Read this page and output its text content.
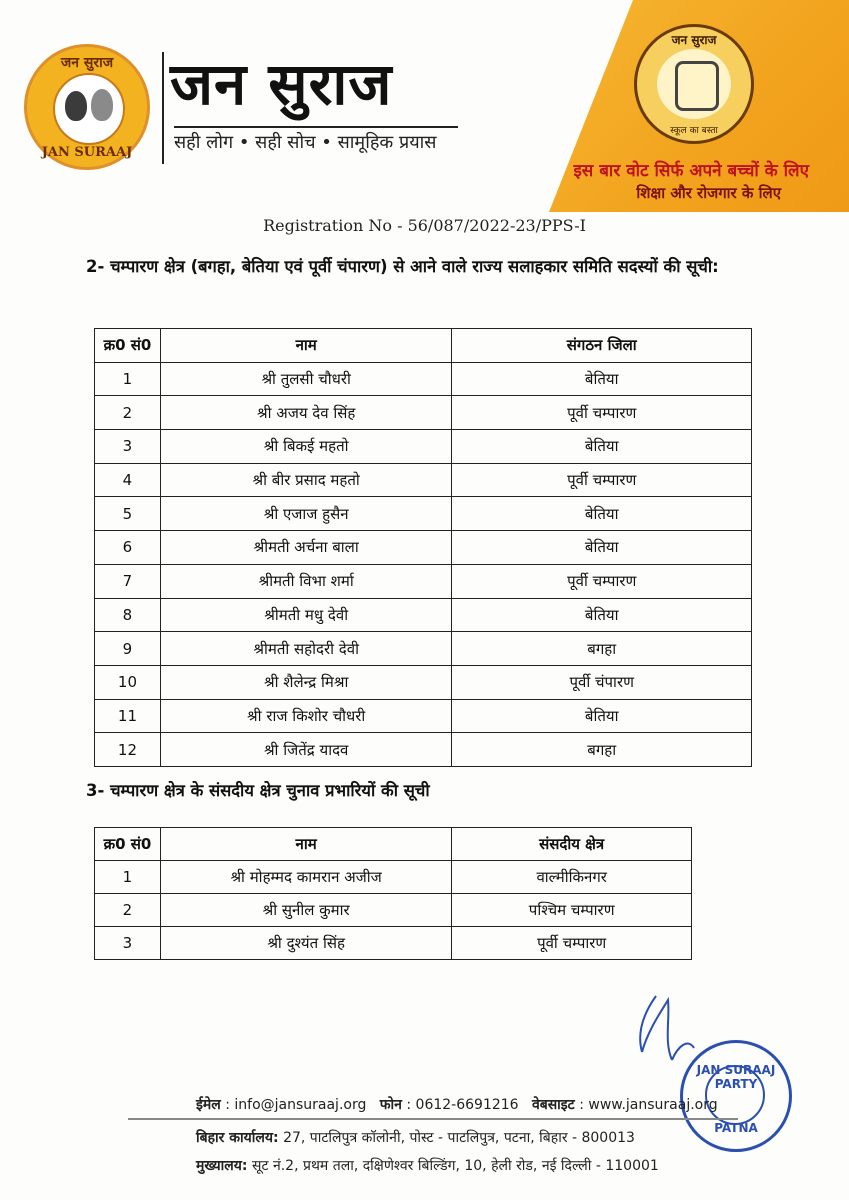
जन सुराज
JAN SURAAJ
जन सुराज
सही लोग • सही सोच • सामूहिक प्रयास
जन सुराज
स्कूल का बस्ता
इस बार वोट सिर्फ अपने बच्चों के लिए
शिक्षा और रोजगार के लिए
Registration No - 56/087/2022-23/PPS-I
2- चम्पारण क्षेत्र (बगहा, बेतिया एवं पूर्वी चंपारण) से आने वाले राज्य सलाहकार समिति सदस्यों की सूची:
क्र0 सं0	नाम	संगठन जिला
1	श्री तुलसी चौधरी	बेतिया
2	श्री अजय देव सिंह	पूर्वी चम्पारण
3	श्री बिकई महतो	बेतिया
4	श्री बीर प्रसाद महतो	पूर्वी चम्पारण
5	श्री एजाज हुसैन	बेतिया
6	श्रीमती अर्चना बाला	बेतिया
7	श्रीमती विभा शर्मा	पूर्वी चम्पारण
8	श्रीमती मधु देवी	बेतिया
9	श्रीमती सहोदरी देवी	बगहा
10	श्री शैलेन्द्र मिश्रा	पूर्वी चंपारण
11	श्री राज किशोर चौधरी	बेतिया
12	श्री जितेंद्र यादव	बगहा
3- चम्पारण क्षेत्र के संसदीय क्षेत्र चुनाव प्रभारियों की सूची
क्र0 सं0	नाम	संसदीय क्षेत्र
1	श्री मोहम्मद कामरान अजीज	वाल्मीकिनगर
2	श्री सुनील कुमार	पश्चिम चम्पारण
3	श्री दुश्यंत सिंह	पूर्वी चम्पारण
JAN SURAAJ PARTY
PATNA
ईमेल : info@jansuraaj.org फोन : 0612-6691216 वेबसाइट : www.jansuraaj.org
बिहार कार्यालय: 27, पाटलिपुत्र कॉलोनी, पोस्ट - पाटलिपुत्र, पटना, बिहार - 800013
मुख्यालय: सूट नं.2, प्रथम तला, दक्षिणेश्वर बिल्डिंग, 10, हेली रोड, नई दिल्ली - 110001
